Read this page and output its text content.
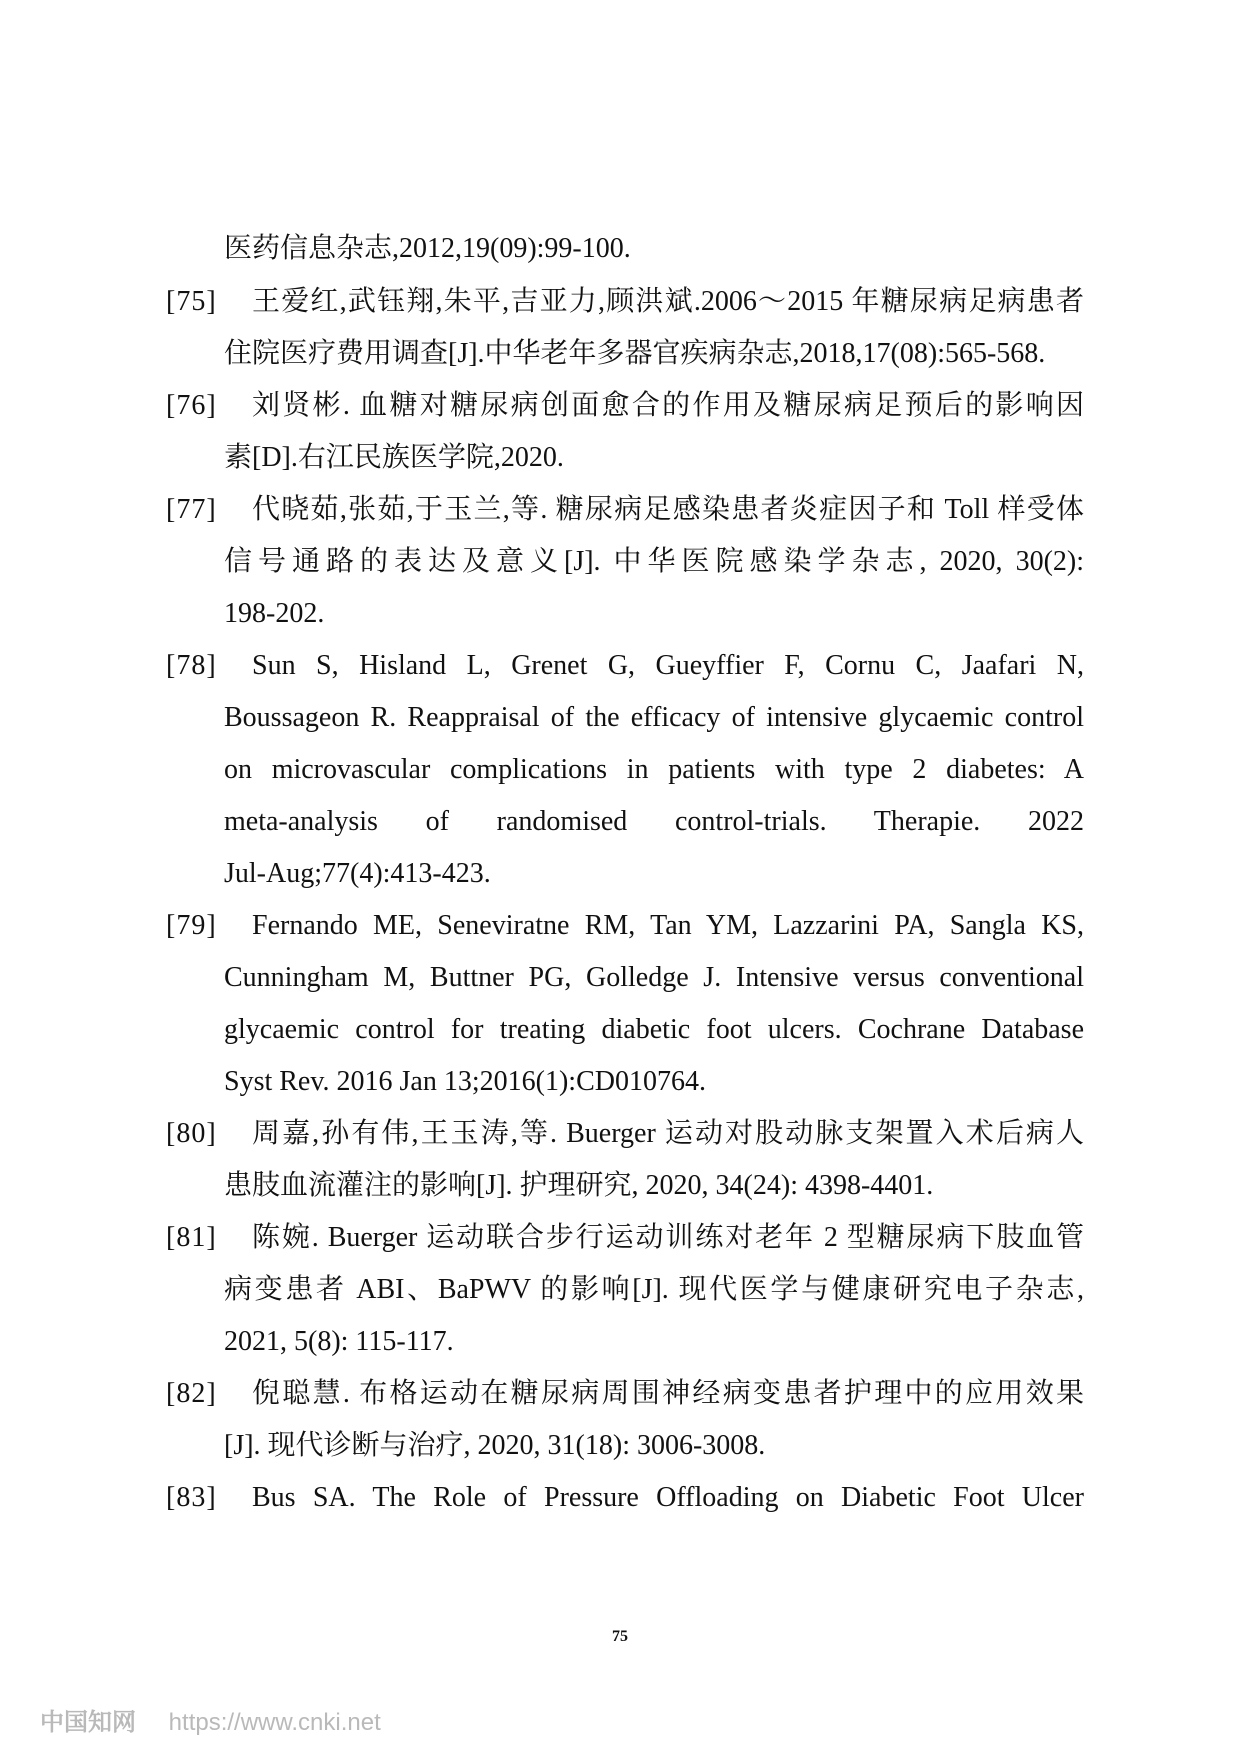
医药信息杂志,2012,19(09):99-100.
[75]	王爱红,武钰翔,朱平,吉亚力,顾洪斌.2006～2015 年糖尿病足病患者
住院医疗费用调查[J].中华老年多器官疾病杂志,2018,17(08):565-568.
[76]	刘贤彬. 血糖对糖尿病创面愈合的作用及糖尿病足预后的影响因
素[D].右江民族医学院,2020.
[77]	代晓茹,张茹,于玉兰,等. 糖尿病足感染患者炎症因子和 Toll 样受体
信号通路的表达及意义[J]. 中华医院感染学杂志, 2020, 30(2):
198-202.
[78]	Sun S, Hisland L, Grenet G, Gueyffier F, Cornu C, Jaafari N,
Boussageon R. Reappraisal of the efficacy of intensive glycaemic control
on microvascular complications in patients with type 2 diabetes: A
meta-analysis of randomised control-trials. Therapie. 2022
Jul-Aug;77(4):413-423.
[79]	Fernando ME, Seneviratne RM, Tan YM, Lazzarini PA, Sangla KS,
Cunningham M, Buttner PG, Golledge J. Intensive versus conventional
glycaemic control for treating diabetic foot ulcers. Cochrane Database
Syst Rev. 2016 Jan 13;2016(1):CD010764.
[80]	周嘉,孙有伟,王玉涛,等. Buerger 运动对股动脉支架置入术后病人
患肢血流灌注的影响[J]. 护理研究, 2020, 34(24): 4398-4401.
[81]	陈婉. Buerger 运动联合步行运动训练对老年 2 型糖尿病下肢血管
病变患者 ABI、BaPWV 的影响[J]. 现代医学与健康研究电子杂志,
2021, 5(8): 115-117.
[82]	倪聪慧. 布格运动在糖尿病周围神经病变患者护理中的应用效果
[J]. 现代诊断与治疗, 2020, 31(18): 3006-3008.
[83]	Bus SA. The Role of Pressure Offloading on Diabetic Foot Ulcer
75
中国知网 https://www.cnki.net
